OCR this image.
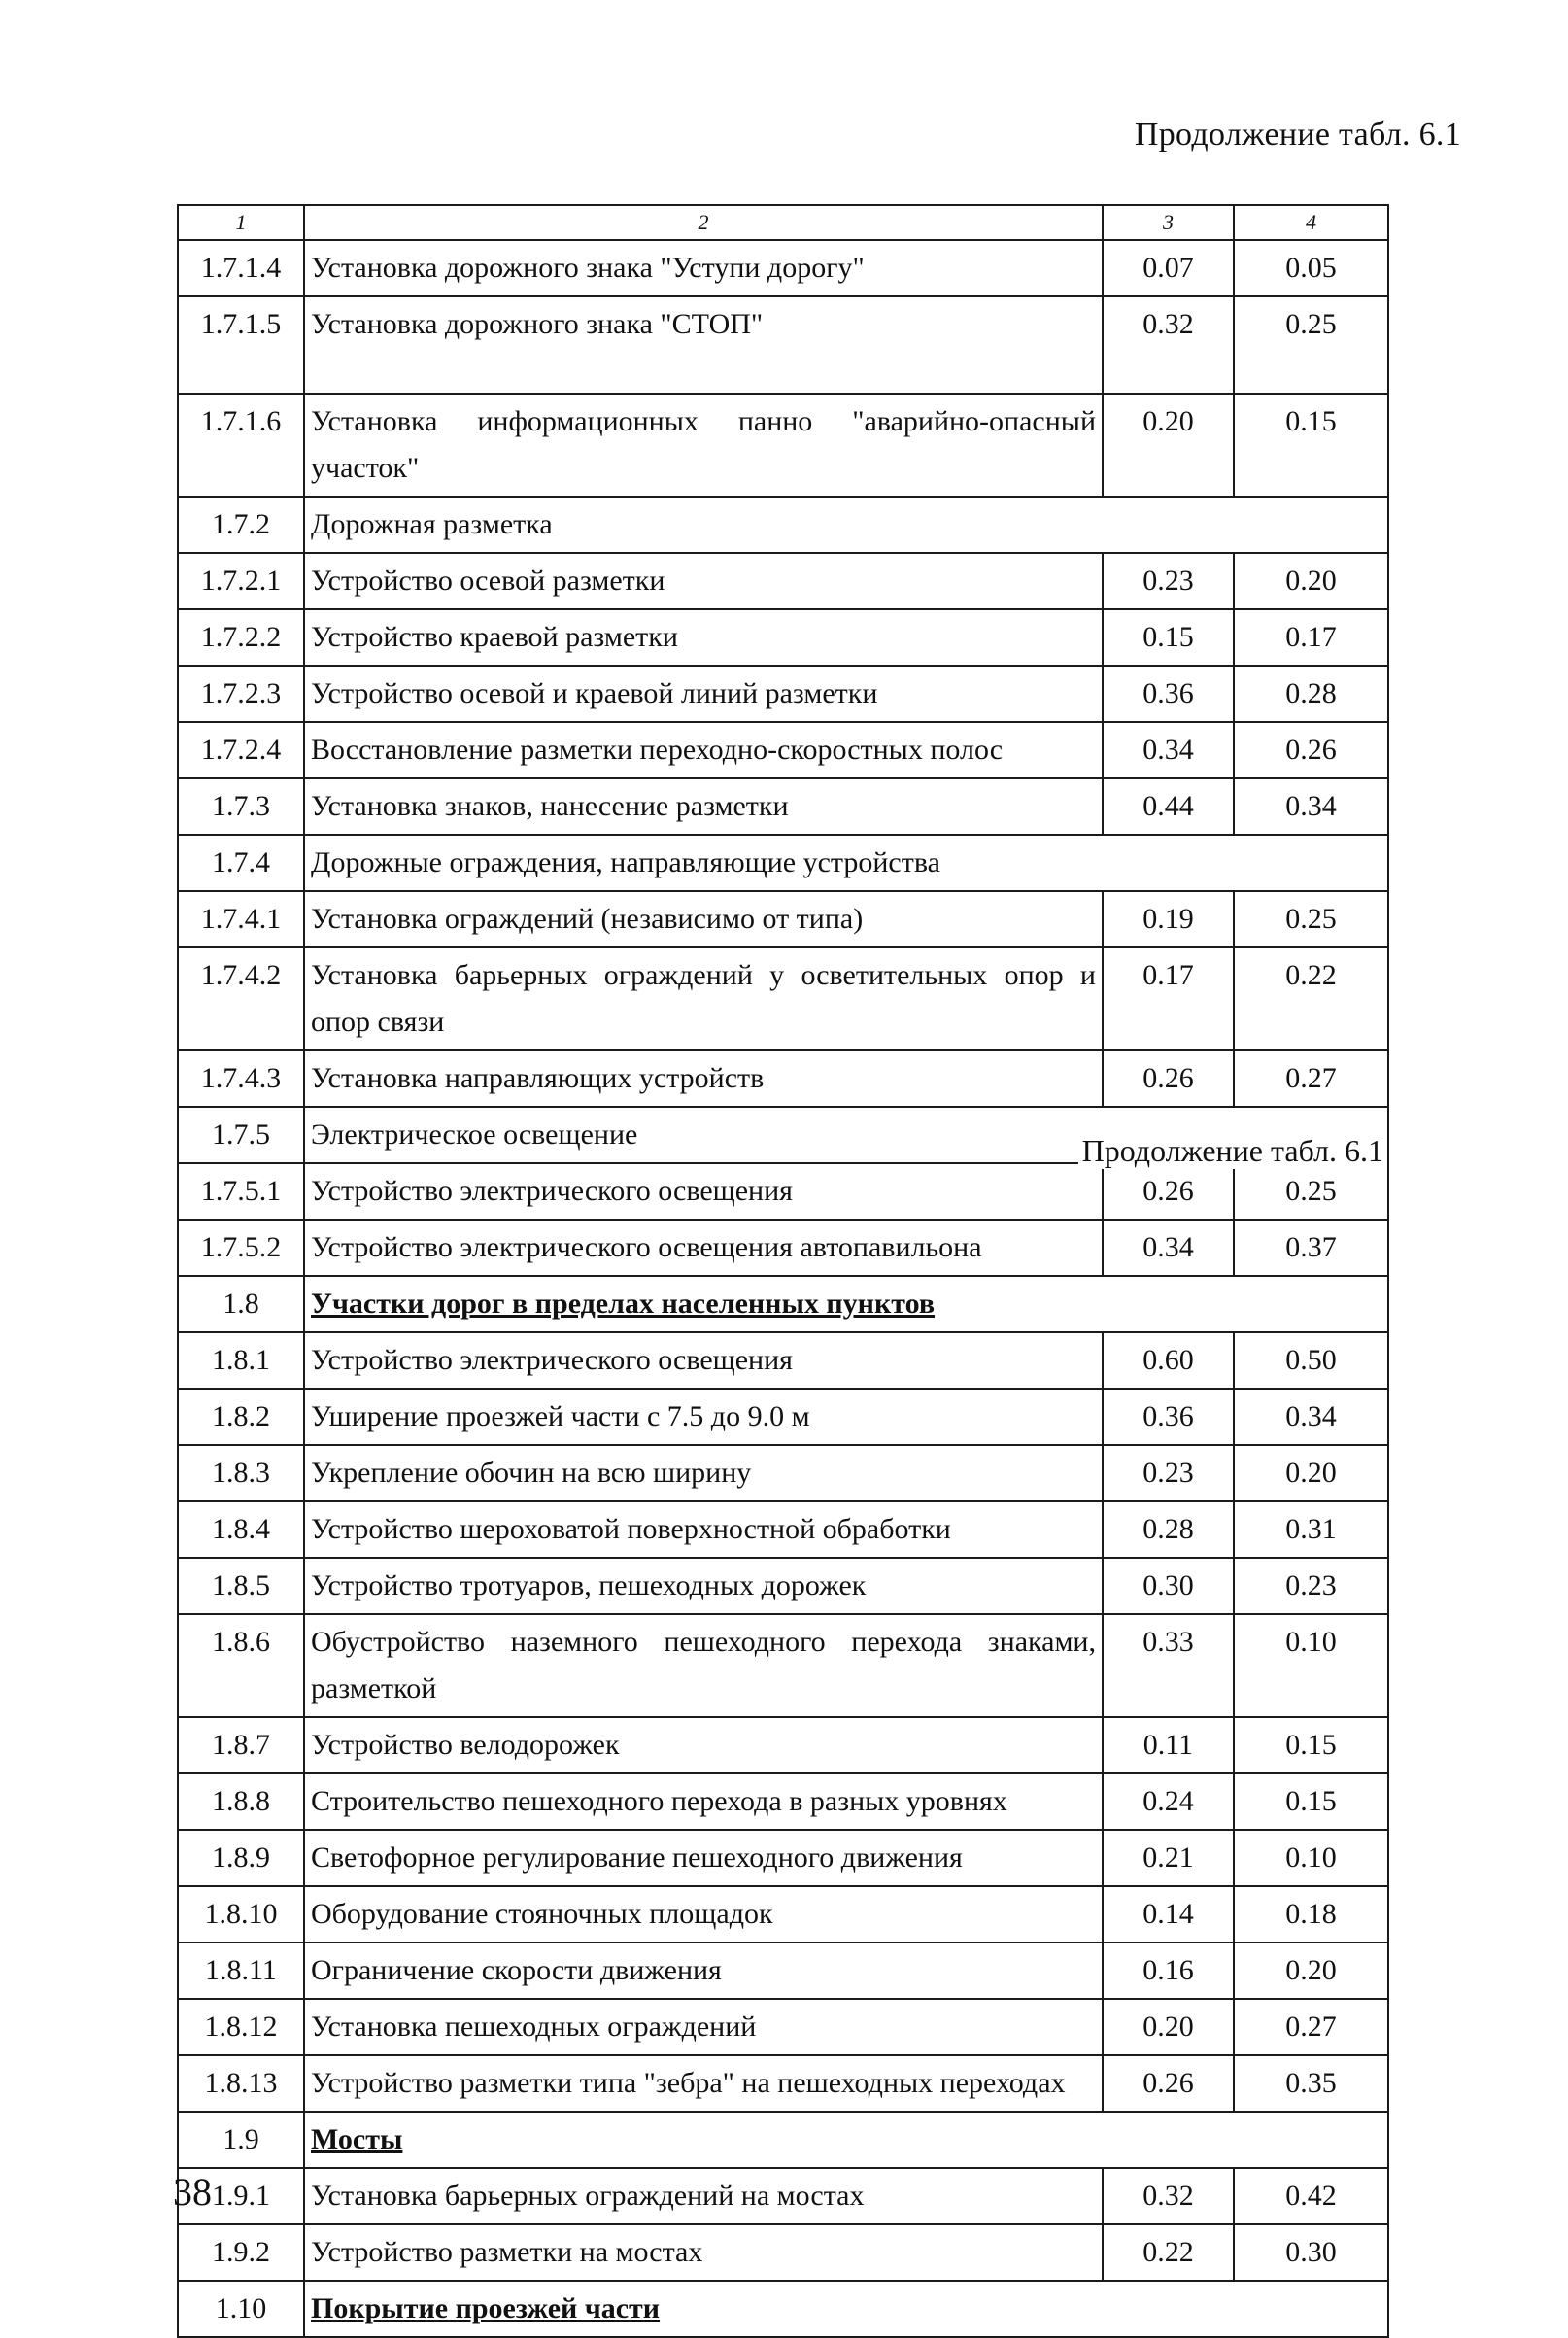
Продолжение табл. 6.1
1	2	3	4
1.7.1.4	Установка дорожного знака "Уступи дорогу"	0.07	0.05
1.7.1.5	Установка дорожного знака "СТОП"	0.32	0.25
1.7.1.6	Установка информационных панно "аварийно-опасный участок"	0.20	0.15
1.7.2	Дорожная разметка		
1.7.2.1	Устройство осевой разметки	0.23	0.20
1.7.2.2	Устройство краевой разметки	0.15	0.17
1.7.2.3	Устройство осевой и краевой линий разметки	0.36	0.28
1.7.2.4	Восстановление разметки переходно-скоростных полос	0.34	0.26
1.7.3	Установка знаков, нанесение разметки	0.44	0.34
1.7.4	Дорожные ограждения, направляющие устройства		
1.7.4.1	Установка ограждений (независимо от типа)	0.19	0.25
1.7.4.2	Установка барьерных ограждений у осветительных опор и опор связи	0.17	0.22
1.7.4.3	Установка направляющих устройств	0.26	0.27
1.7.5	Электрическое освещение		
1.7.5.1	Устройство электрического освещения	0.26	0.25
1.7.5.2	Устройство электрического освещения автопавильона	0.34	0.37
1.8	Участки дорог в пределах населенных пунктов		
1.8.1	Устройство электрического освещения	0.60	0.50
1.8.2	Уширение проезжей части с 7.5 до 9.0 м	0.36	0.34
1.8.3	Укрепление обочин на всю ширину	0.23	0.20
1.8.4	Устройство шероховатой поверхностной обработки	0.28	0.31
1.8.5	Устройство тротуаров, пешеходных дорожек	0.30	0.23
1.8.6	Обустройство наземного пешеходного перехода знаками, разметкой	0.33	0.10
1.8.7	Устройство велодорожек	0.11	0.15
1.8.8	Строительство пешеходного перехода в разных уровнях	0.24	0.15
1.8.9	Светофорное регулирование пешеходного движения	0.21	0.10
1.8.10	Оборудование стояночных площадок	0.14	0.18
1.8.11	Ограничение скорости движения	0.16	0.20
1.8.12	Установка пешеходных ограждений	0.20	0.27
1.8.13	Устройство разметки типа "зебра" на пешеходных переходах	0.26	0.35
1.9	Мосты		
1.9.1	Установка барьерных ограждений на мостах	0.32	0.42
1.9.2	Устройство разметки на мостах	0.22	0.30
1.10	Покрытие проезжей части		
Продолжение табл. 6.1
38
